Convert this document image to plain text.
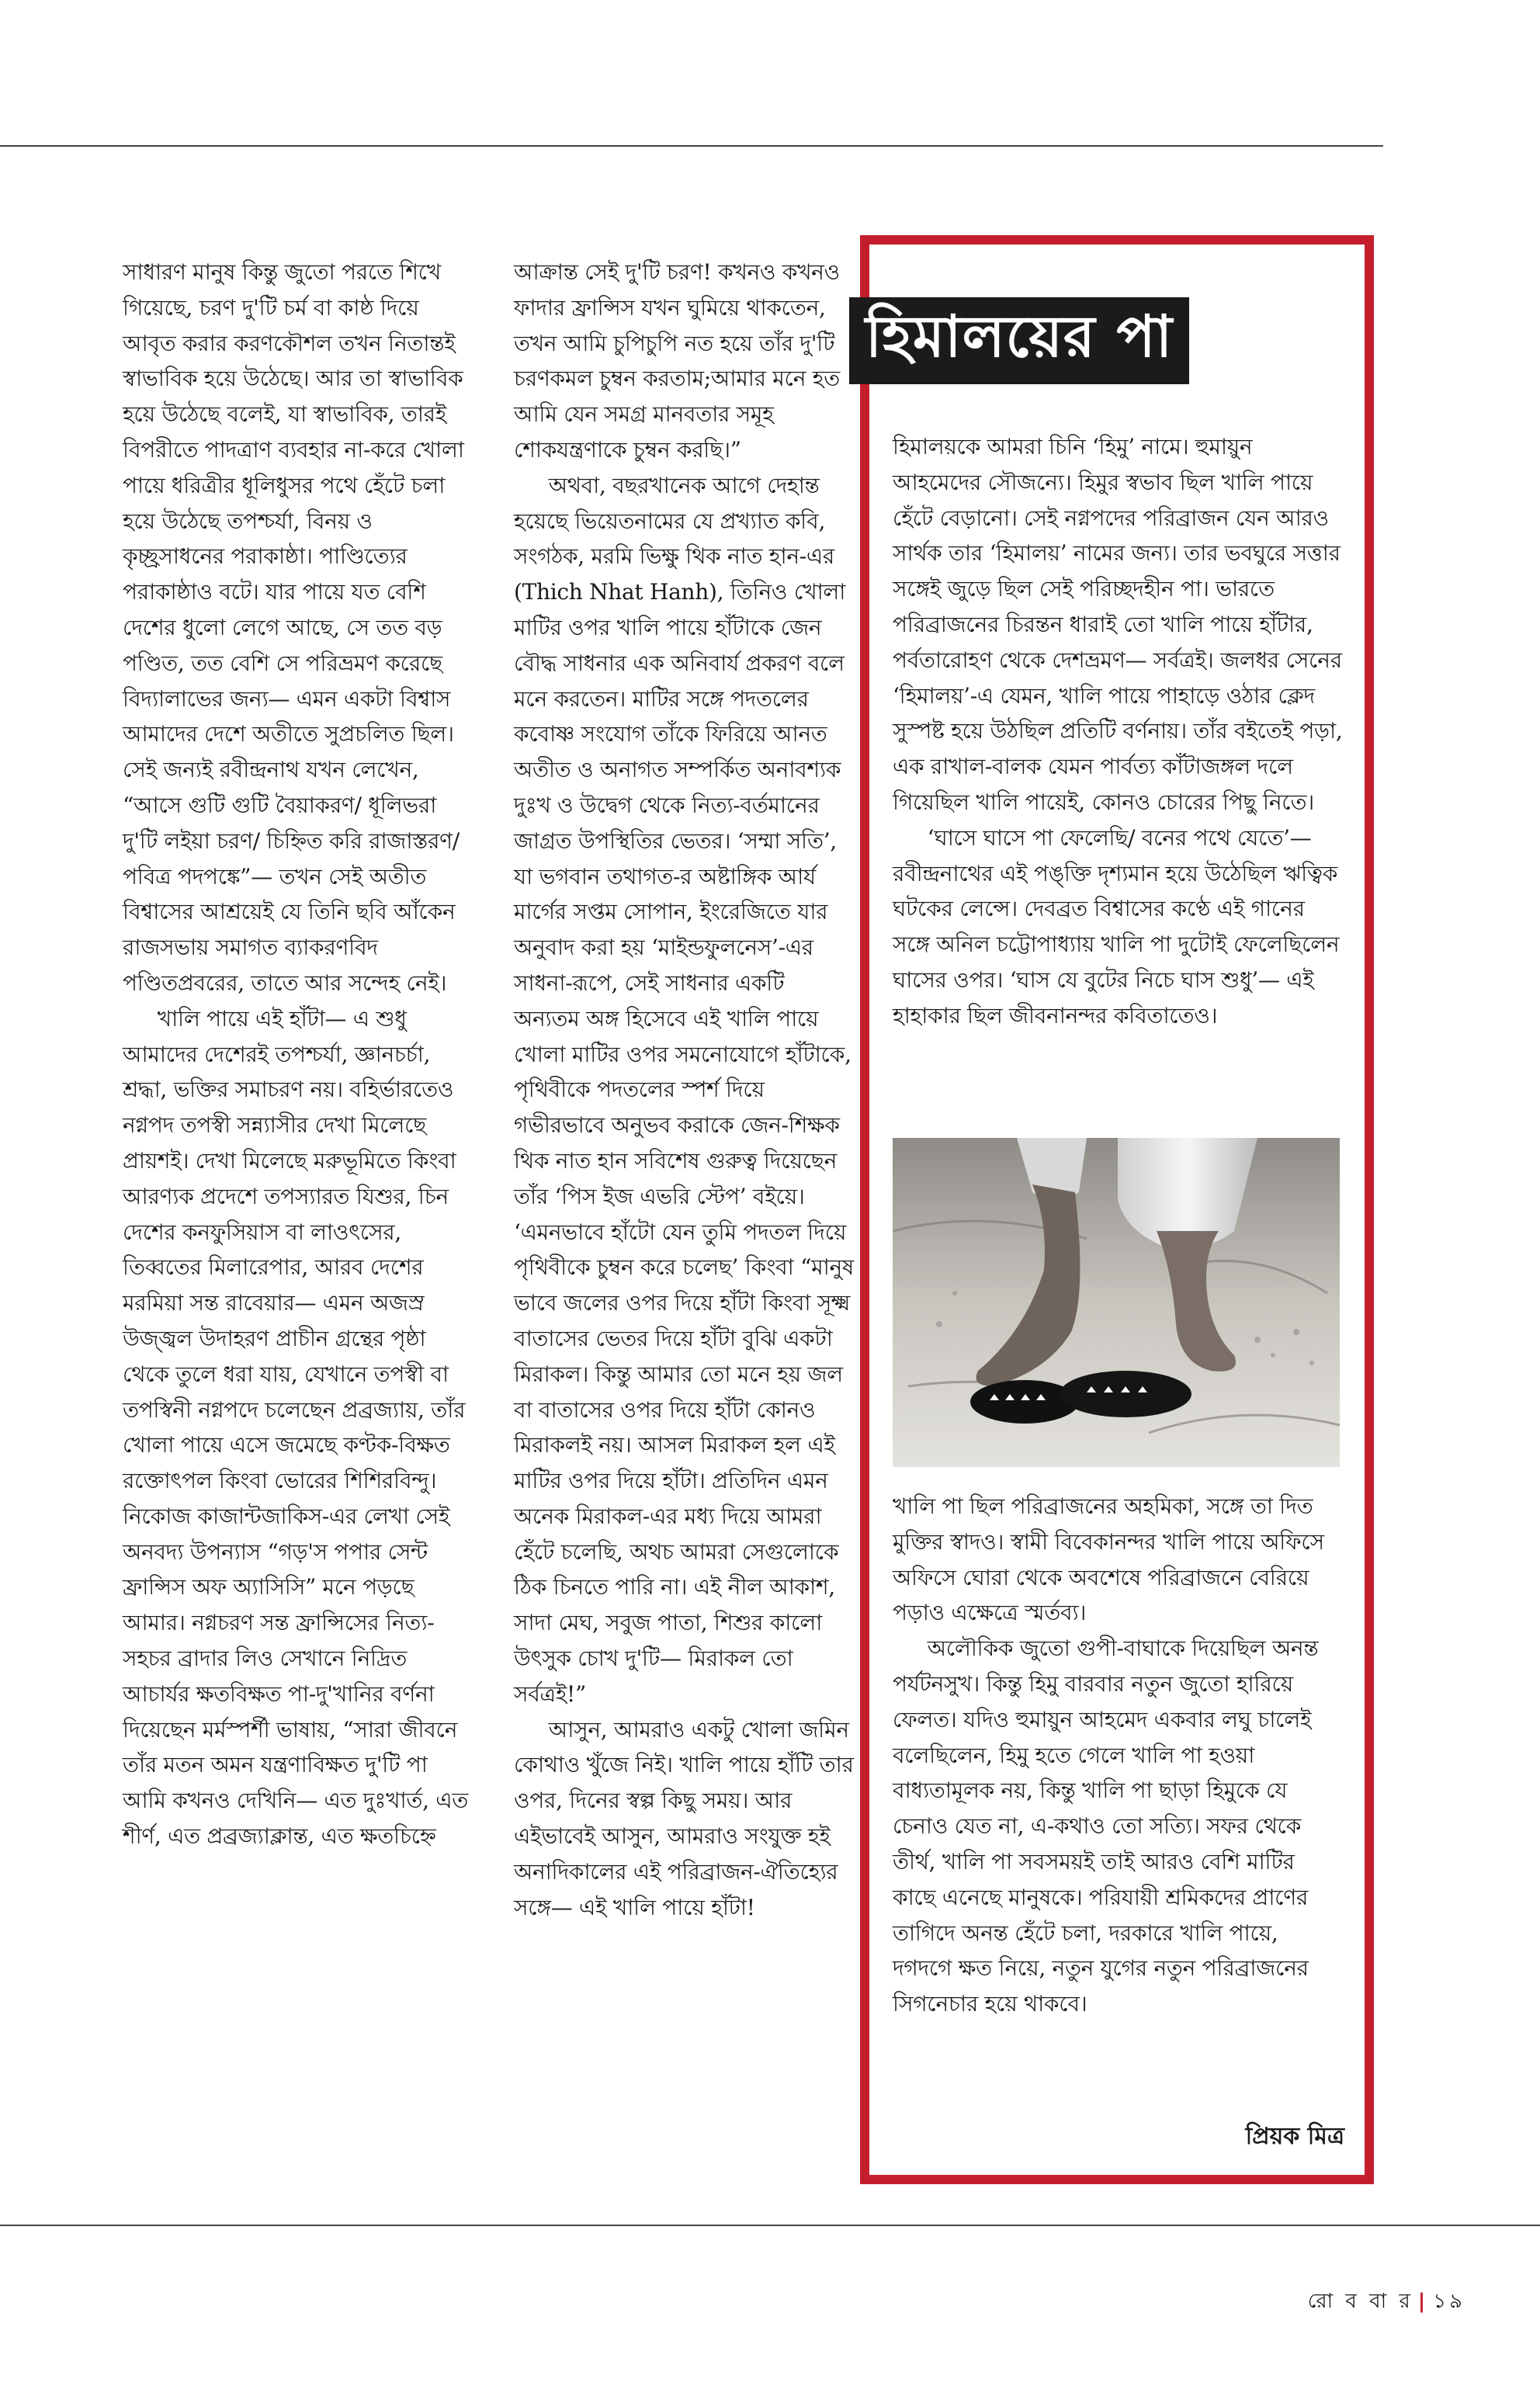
সাধারণ মানুষ কিন্তু জুতো পরতে শিখে গিয়েছে, চরণ দু'টি চর্ম বা কাষ্ঠ দিয়ে আবৃত করার করণকৌশল তখন নিতান্তই স্বাভাবিক হয়ে উঠেছে। আর তা স্বাভাবিক হয়ে উঠেছে বলেই, যা স্বাভাবিক, তারই বিপরীতে পাদত্রাণ ব্যবহার না-করে খোলা পায়ে ধরিত্রীর ধূলিধুসর পথে হেঁটে চলা হয়ে উঠেছে তপশ্চর্যা, বিনয় ও কৃচ্ছ্রসাধনের পরাকাষ্ঠা। পাণ্ডিত্যের পরাকাষ্ঠাও বটে। যার পায়ে যত বেশি দেশের ধুলো লেগে আছে, সে তত বড় পণ্ডিত, তত বেশি সে পরিভ্রমণ করেছে বিদ্যালাভের জন্য— এমন একটা বিশ্বাস আমাদের দেশে অতীতে সুপ্রচলিত ছিল। সেই জন্যই রবীন্দ্রনাথ যখন লেখেন, “আসে গুটি গুটি বৈয়াকরণ/ ধূলিভরা দু'টি লইয়া চরণ/ চিহ্নিত করি রাজাস্তরণ/ পবিত্র পদপঙ্কে”— তখন সেই অতীত বিশ্বাসের আশ্রয়েই যে তিনি ছবি আঁকেন রাজসভায় সমাগত ব্যাকরণবিদ পণ্ডিতপ্রবরের, তাতে আর সন্দেহ নেই।

খালি পায়ে এই হাঁটা— এ শুধু আমাদের দেশেরই তপশ্চর্যা, জ্ঞানচর্চা, শ্রদ্ধা, ভক্তির সমাচরণ নয়। বহির্ভারতেও নগ্নপদ তপস্বী সন্ন্যাসীর দেখা মিলেছে প্রায়শই। দেখা মিলেছে মরুভূমিতে কিংবা আরণ্যক প্রদেশে তপস্যারত যিশুর, চিন দেশের কনফুসিয়াস বা লাওৎসের, তিব্বতের মিলারেপার, আরব দেশের মরমিয়া সন্ত রাবেয়ার— এমন অজস্র উজ্জ্বল উদাহরণ প্রাচীন গ্রন্থের পৃষ্ঠা থেকে তুলে ধরা যায়, যেখানে তপস্বী বা তপস্বিনী নগ্নপদে চলেছেন প্রব্রজ্যায়, তাঁর খোলা পায়ে এসে জমেছে কণ্টক-বিক্ষত রক্তোৎপল কিংবা ভোরের শিশিরবিন্দু। নিকোজ কাজান্টজাকিস-এর লেখা সেই অনবদ্য উপন্যাস “গড়'স পপার সেন্ট ফ্রান্সিস অফ অ্যাসিসি” মনে পড়ছে আমার। নগ্নচরণ সন্ত ফ্রান্সিসের নিত্য-সহচর ব্রাদার লিও সেখানে নিদ্রিত আচার্যর ক্ষতবিক্ষত পা-দু'খানির বর্ণনা দিয়েছেন মর্মস্পর্শী ভাষায়, “সারা জীবনে তাঁর মতন অমন যন্ত্রণাবিক্ষত দু'টি পা আমি কখনও দেখিনি— এত দুঃখার্ত, এত শীর্ণ, এত প্রব্রজ্যাক্লান্ত, এত ক্ষতচিহ্নে

আক্রান্ত সেই দু'টি চরণ! কখনও কখনও ফাদার ফ্রান্সিস যখন ঘুমিয়ে থাকতেন, তখন আমি চুপিচুপি নত হয়ে তাঁর দু'টি চরণকমল চুম্বন করতাম;আমার মনে হত আমি যেন সমগ্র মানবতার সমূহ শোকযন্ত্রণাকে চুম্বন করছি।”

অথবা, বছরখানেক আগে দেহান্ত হয়েছে ভিয়েতনামের যে প্রখ্যাত কবি, সংগঠক, মরমি ভিক্ষু থিক নাত হান-এর (Thich Nhat Hanh), তিনিও খোলা মাটির ওপর খালি পায়ে হাঁটাকে জেন বৌদ্ধ সাধনার এক অনিবার্য প্রকরণ বলে মনে করতেন। মাটির সঙ্গে পদতলের কবোষ্ণ সংযোগ তাঁকে ফিরিয়ে আনত অতীত ও অনাগত সম্পর্কিত অনাবশ্যক দুঃখ ও উদ্বেগ থেকে নিত্য-বর্তমানের জাগ্রত উপস্থিতির ভেতর। ‘সম্মা সতি’, যা ভগবান তথাগত-র অষ্টাঙ্গিক আর্য মার্গের সপ্তম সোপান, ইংরেজিতে যার অনুবাদ করা হয় ‘মাইন্ডফুলনেস’-এর সাধনা-রূপে, সেই সাধনার একটি অন্যতম অঙ্গ হিসেবে এই খালি পায়ে খোলা মাটির ওপর সমনোযোগে হাঁটাকে, পৃথিবীকে পদতলের স্পর্শ দিয়ে গভীরভাবে অনুভব করাকে জেন-শিক্ষক থিক নাত হান সবিশেষ গুরুত্ব দিয়েছেন তাঁর ‘পিস ইজ এভরি স্টেপ’ বইয়ে। ‘এমনভাবে হাঁটো যেন তুমি পদতল দিয়ে পৃথিবীকে চুম্বন করে চলেছ’ কিংবা “মানুষ ভাবে জলের ওপর দিয়ে হাঁটা কিংবা সূক্ষ্ম বাতাসের ভেতর দিয়ে হাঁটা বুঝি একটা মিরাকল। কিন্তু আমার তো মনে হয় জল বা বাতাসের ওপর দিয়ে হাঁটা কোনও মিরাকলই নয়। আসল মিরাকল হল এই মাটির ওপর দিয়ে হাঁটা। প্রতিদিন এমন অনেক মিরাকল-এর মধ্য দিয়ে আমরা হেঁটে চলেছি, অথচ আমরা সেগুলোকে ঠিক চিনতে পারি না। এই নীল আকাশ, সাদা মেঘ, সবুজ পাতা, শিশুর কালো উৎসুক চোখ দু'টি— মিরাকল তো সর্বত্রই!”

আসুন, আমরাও একটু খোলা জমিন কোথাও খুঁজে নিই। খালি পায়ে হাঁটি তার ওপর, দিনের স্বল্প কিছু সময়। আর এইভাবেই আসুন, আমরাও সংযুক্ত হই অনাদিকালের এই পরিব্রাজন-ঐতিহ্যের সঙ্গে— এই খালি পায়ে হাঁটা!

হিমালয়ের পা

হিমালয়কে আমরা চিনি ‘হিমু’ নামে। হুমায়ুন আহমেদের সৌজন্যে। হিমুর স্বভাব ছিল খালি পায়ে হেঁটে বেড়ানো। সেই নগ্নপদের পরিব্রাজন যেন আরও সার্থক তার ‘হিমালয়’ নামের জন্য। তার ভবঘুরে সত্তার সঙ্গেই জুড়ে ছিল সেই পরিচ্ছদহীন পা। ভারতে পরিব্রাজনের চিরন্তন ধারাই তো খালি পায়ে হাঁটার, পর্বতারোহণ থেকে দেশভ্রমণ— সর্বত্রই। জলধর সেনের ‘হিমালয়’-এ যেমন, খালি পায়ে পাহাড়ে ওঠার ক্লেদ সুস্পষ্ট হয়ে উঠছিল প্রতিটি বর্ণনায়। তাঁর বইতেই পড়া, এক রাখাল-বালক যেমন পার্বত্য কাঁটাজঙ্গল দলে গিয়েছিল খালি পায়েই, কোনও চোরের পিছু নিতে।

‘ঘাসে ঘাসে পা ফেলেছি/ বনের পথে যেতে’— রবীন্দ্রনাথের এই পঙ্‌ক্তি দৃশ্যমান হয়ে উঠেছিল ঋত্বিক ঘটকের লেন্সে। দেবব্রত বিশ্বাসের কণ্ঠে এই গানের সঙ্গে অনিল চট্টোপাধ্যায় খালি পা দুটোই ফেলেছিলেন ঘাসের ওপর। ‘ঘাস যে বুটের নিচে ঘাস শুধু’— এই হাহাকার ছিল জীবনানন্দর কবিতাতেও।

খালি পা ছিল পরিব্রাজনের অহমিকা, সঙ্গে তা দিত মুক্তির স্বাদও। স্বামী বিবেকানন্দর খালি পায়ে অফিসে অফিসে ঘোরা থেকে অবশেষে পরিব্রাজনে বেরিয়ে পড়াও এক্ষেত্রে স্মর্তব্য।

অলৌকিক জুতো গুপী-বাঘাকে দিয়েছিল অনন্ত পর্যটনসুখ। কিন্তু হিমু বারবার নতুন জুতো হারিয়ে ফেলত। যদিও হুমায়ুন আহমেদ একবার লঘু চালেই বলেছিলেন, হিমু হতে গেলে খালি পা হওয়া বাধ্যতামূলক নয়, কিন্তু খালি পা ছাড়া হিমুকে যে চেনাও যেত না, এ-কথাও তো সত্যি। সফর থেকে তীর্থ, খালি পা সবসময়ই তাই আরও বেশি মাটির কাছে এনেছে মানুষকে। পরিযায়ী শ্রমিকদের প্রাণের তাগিদে অনন্ত হেঁটে চলা, দরকারে খালি পায়ে, দগদগে ক্ষত নিয়ে, নতুন যুগের নতুন পরিব্রাজনের সিগনেচার হয়ে থাকবে।

প্রিয়ক মিত্র
রো ব বা র | ১৯
